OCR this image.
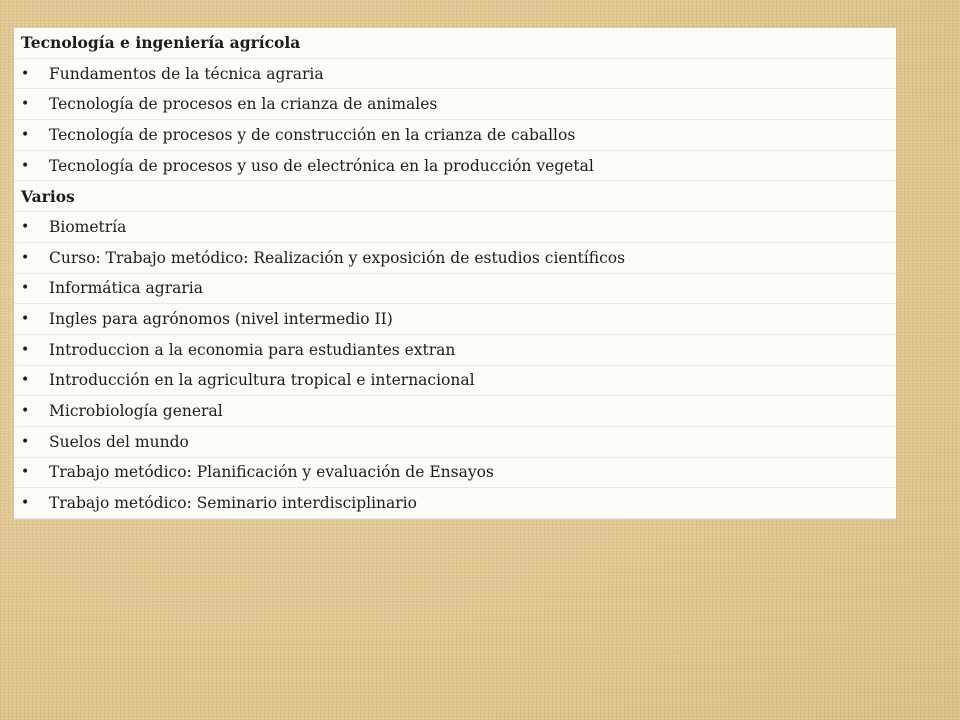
Tecnología e ingeniería agrícola
•	Fundamentos de la técnica agraria
•	Tecnología de procesos en la crianza de animales
•	Tecnología de procesos y de construcción en la crianza de caballos
•	Tecnología de procesos y uso de electrónica en la producción vegetal
Varios
•	Biometría
•	Curso: Trabajo metódico: Realización y exposición de estudios científicos
•	Informática agraria
•	Ingles para agrónomos (nivel intermedio II)
•	Introduccion a la economia para estudiantes extran
•	Introducción en la agricultura tropical e internacional
•	Microbiología general
•	Suelos del mundo
•	Trabajo metódico: Planificación y evaluación de Ensayos
•	Trabajo metódico: Seminario interdisciplinario
